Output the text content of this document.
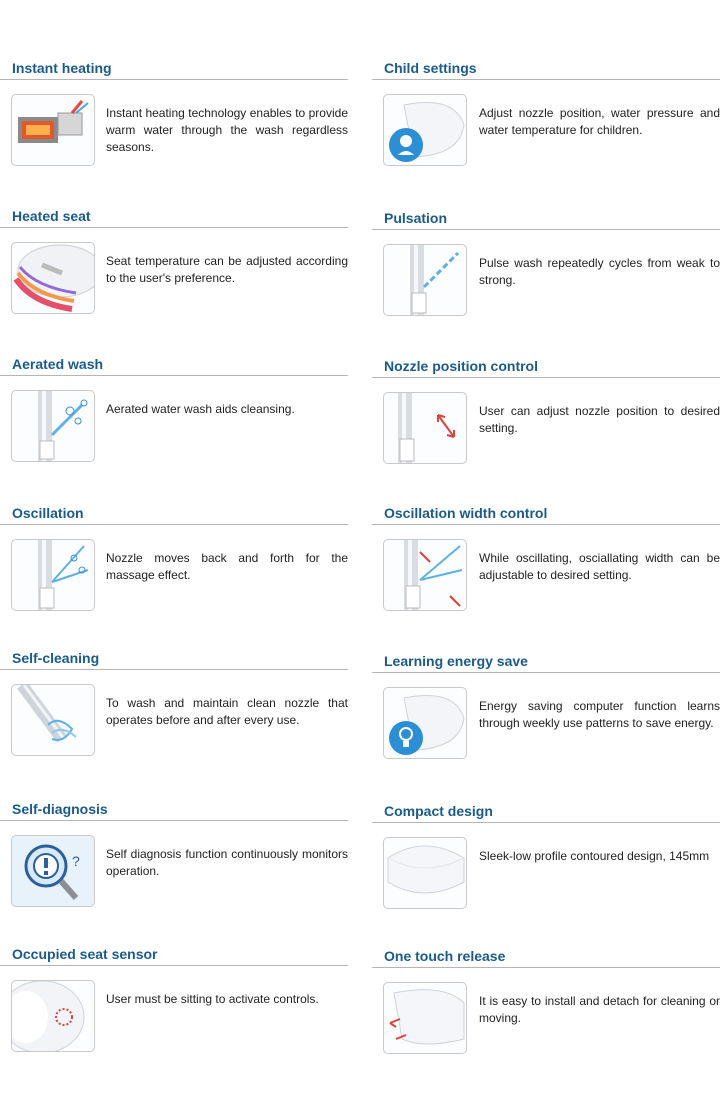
Instant heating
Instant heating technology enables to provide warm water through the wash regardless seasons.
Heated seat
Seat temperature can be adjusted according to the user's preference.
Aerated wash
Aerated water wash aids cleansing.
Oscillation
Nozzle moves back and forth for the massage effect.
Self-cleaning
To wash and maintain clean nozzle that operates before and after every use.
Self-diagnosis
? Self diagnosis function continuously monitors operation.
Occupied seat sensor
User must be sitting to activate controls.
Child settings
Adjust nozzle position, water pressure and water temperature for children.
Pulsation
Pulse wash repeatedly cycles from weak to strong.
Nozzle position control
User can adjust nozzle position to desired setting.
Oscillation width control
While oscillating, osciallating width can be adjustable to desired setting.
Learning energy save
Energy saving computer function learns through weekly use patterns to save energy.
Compact design
Sleek-low profile contoured design, 145mm
One touch release
It is easy to install and detach for cleaning or moving.
